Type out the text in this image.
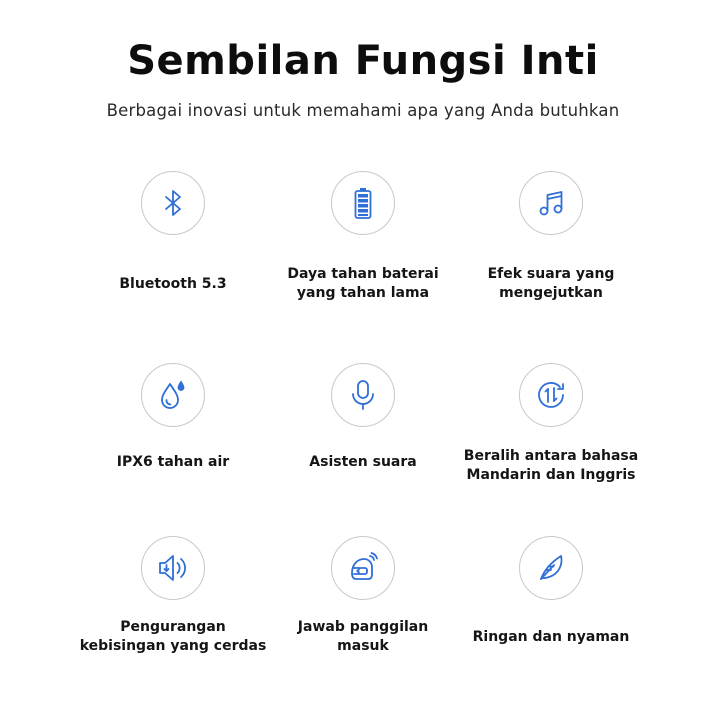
Sembilan Fungsi Inti
Berbagai inovasi untuk memahami apa yang Anda butuhkan
Bluetooth 5.3
Daya tahan baterai
yang tahan lama
Efek suara yang
mengejutkan
IPX6 tahan air	Asisten suara	Beralih antara bahasa
Mandarin dan Inggris
Pengurangan
kebisingan yang cerdas
Jawab panggilan
masuk
Ringan dan nyaman
